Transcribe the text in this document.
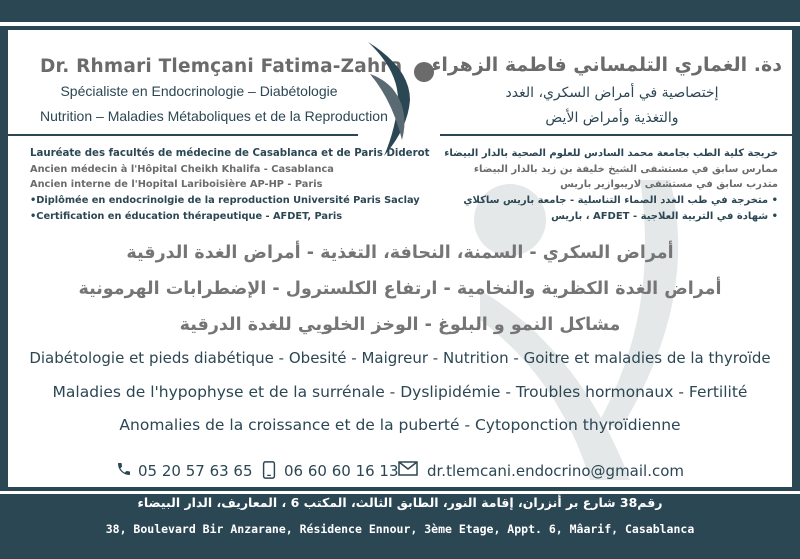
Dr. Rhmari Tlemçani Fatima-Zahra
Spécialiste en Endocrinologie – Diabétologie
Nutrition – Maladies Métaboliques et de la Reproduction
دة. الغماري التلمساني فاطمة الزهراء
إختصاصية في أمراض السكري، الغدد
والتغذية وأمراض الأيض
Lauréate des facultés de médecine de Casablanca et de Paris Diderot
Ancien médecin à l'Hôpital Cheikh Khalifa - Casablanca
Ancien interne de l'Hopital Lariboisière AP-HP - Paris
•Diplômée en endocrinolgie de la reproduction Université Paris Saclay
•Certification en éducation thérapeutique - AFDET, Paris
خريجة كلية الطب بجامعة محمد السادس للعلوم الصحية بالدار البيضاء
ممارس سابق في مستشفى الشيخ خليفة بن زيد بالدار البيضاء
متدرب سابق في مستشفى لاريبوازير باريس
• متخرجة في طب الغدد الصماء التناسلية - جامعة باريس ساكلاي
• شهادة في التربية العلاجية - AFDET ، باريس
أمراض السكري - السمنة، النحافة، التغذية - أمراض الغدة الدرقية
أمراض الغدة الكظرية والنخامية - ارتفاع الكلسترول - الإضطرابات الهرمونية
مشاكل النمو و البلوغ - الوخز الخلويي للغدة الدرقية
Diabétologie et pieds diabétique - Obesité - Maigreur - Nutrition - Goitre et maladies de la thyroïde
Maladies de l'hypophyse et de la surrénale - Dyslipidémie - Troubles hormonaux - Fertilité
Anomalies de la croissance et de la puberté - Cytoponction thyroïdienne
05 20 57 63 65 06 60 60 16 13 dr.tlemcani.endocrino@gmail.com
رقم38 شارع بر أنزران، إقامة النور، الطابق الثالث، المكتب 6 ، المعاريف، الدار البيضاء
38, Boulevard Bir Anzarane, Résidence Ennour, 3ème Etage, Appt. 6, Mâarif, Casablanca
